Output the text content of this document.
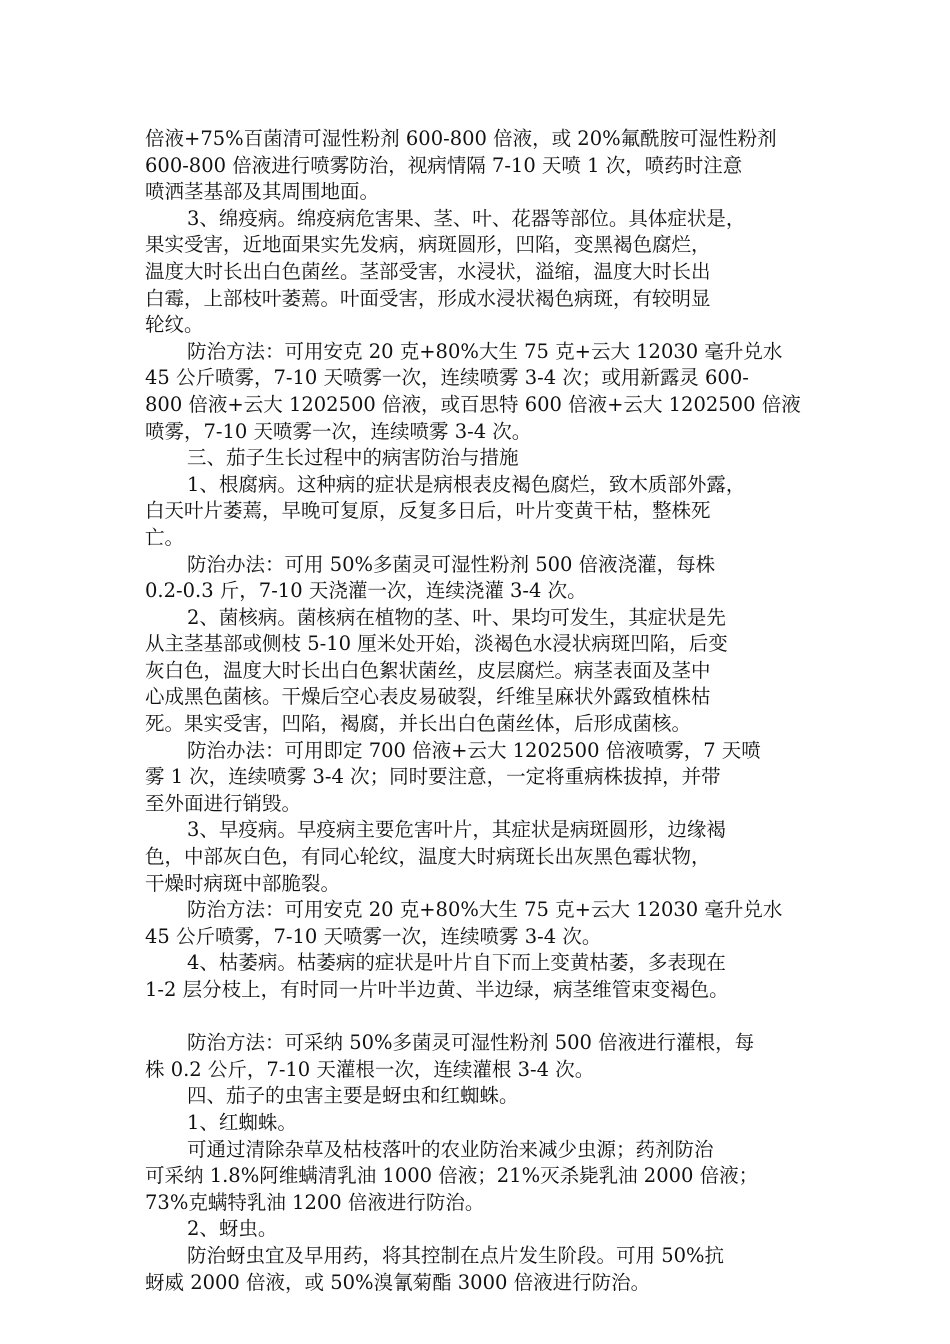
倍液+75%百菌清可湿性粉剂 600-800 倍液，或 20%氟酰胺可湿性粉剂
600-800 倍液进行喷雾防治，视病情隔 7-10 天喷 1 次，喷药时注意
喷洒茎基部及其周围地面。
3、绵疫病。绵疫病危害果、茎、叶、花器等部位。具体症状是，
果实受害，近地面果实先发病，病斑圆形，凹陷，变黑褐色腐烂，
温度大时长出白色菌丝。茎部受害，水浸状，溢缩，温度大时长出
白霉，上部枝叶萎蔫。叶面受害，形成水浸状褐色病斑，有较明显
轮纹。
防治方法：可用安克 20 克+80%大生 75 克+云大 12030 毫升兑水
45 公斤喷雾，7-10 天喷雾一次，连续喷雾 3-4 次；或用新露灵 600-
800 倍液+云大 1202500 倍液，或百思特 600 倍液+云大 1202500 倍液
喷雾，7-10 天喷雾一次，连续喷雾 3-4 次。
三、茄子生长过程中的病害防治与措施
1、根腐病。这种病的症状是病根表皮褐色腐烂，致木质部外露，
白天叶片萎蔫，早晚可复原，反复多日后，叶片变黄干枯，整株死
亡。
防治办法：可用 50%多菌灵可湿性粉剂 500 倍液浇灌，每株
0.2-0.3 斤，7-10 天浇灌一次，连续浇灌 3-4 次。
2、菌核病。菌核病在植物的茎、叶、果均可发生，其症状是先
从主茎基部或侧枝 5-10 厘米处开始，淡褐色水浸状病斑凹陷，后变
灰白色，温度大时长出白色絮状菌丝，皮层腐烂。病茎表面及茎中
心成黑色菌核。干燥后空心表皮易破裂，纤维呈麻状外露致植株枯
死。果实受害，凹陷，褐腐，并长出白色菌丝体，后形成菌核。
防治办法：可用即定 700 倍液+云大 1202500 倍液喷雾，7 天喷
雾 1 次，连续喷雾 3-4 次；同时要注意，一定将重病株拔掉，并带
至外面进行销毁。
3、早疫病。早疫病主要危害叶片，其症状是病斑圆形，边缘褐
色，中部灰白色，有同心轮纹，温度大时病斑长出灰黑色霉状物，
干燥时病斑中部脆裂。
防治方法：可用安克 20 克+80%大生 75 克+云大 12030 毫升兑水
45 公斤喷雾，7-10 天喷雾一次，连续喷雾 3-4 次。
4、枯萎病。枯萎病的症状是叶片自下而上变黄枯萎，多表现在
1-2 层分枝上，有时同一片叶半边黄、半边绿，病茎维管束变褐色。
防治方法：可采纳 50%多菌灵可湿性粉剂 500 倍液进行灌根，每
株 0.2 公斤，7-10 天灌根一次，连续灌根 3-4 次。
四、茄子的虫害主要是蚜虫和红蜘蛛。
1、红蜘蛛。
可通过清除杂草及枯枝落叶的农业防治来减少虫源；药剂防治
可采纳 1.8%阿维螨清乳油 1000 倍液；21%灭杀毙乳油 2000 倍液；
73%克螨特乳油 1200 倍液进行防治。
2、蚜虫。
防治蚜虫宜及早用药，将其控制在点片发生阶段。可用 50%抗
蚜威 2000 倍液，或 50%溴氰菊酯 3000 倍液进行防治。
